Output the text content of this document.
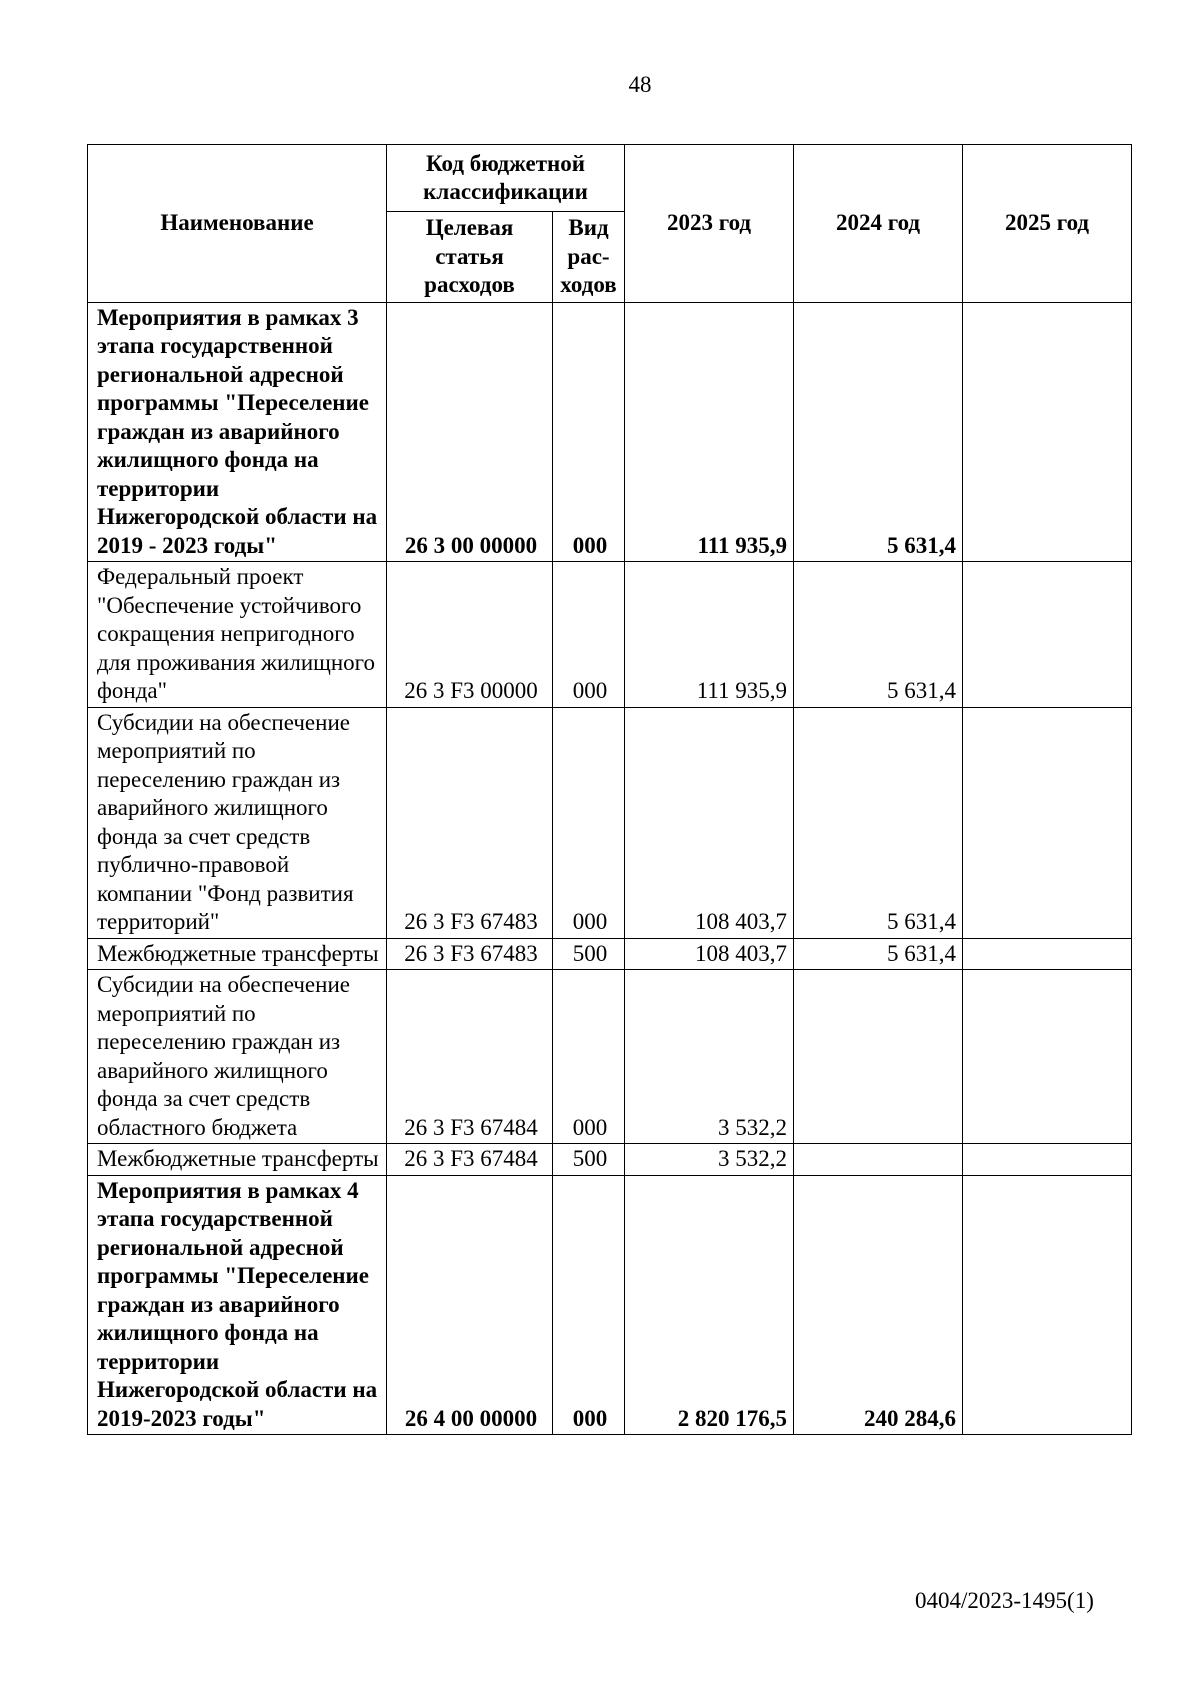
48
Наименование	Код бюджетной классификации		2023 год	2024 год	2025 год
	Целевая статья расходов	Вид рас-ходов			
Мероприятия в рамках 3 этапа государственной региональной адресной программы "Переселение граждан из аварийного жилищного фонда на территории Нижегородской области на 2019 - 2023 годы"	26 3 00 00000	000	111 935,9	5 631,4	
Федеральный проект "Обеспечение устойчивого сокращения непригодного для проживания жилищного фонда"	26 3 F3 00000	000	111 935,9	5 631,4	
Субсидии на обеспечение мероприятий по переселению граждан из аварийного жилищного фонда за счет средств публично-правовой компании "Фонд развития территорий"	26 3 F3 67483	000	108 403,7	5 631,4	
Межбюджетные трансферты	26 3 F3 67483	500	108 403,7	5 631,4	
Субсидии на обеспечение мероприятий по переселению граждан из аварийного жилищного фонда за счет средств областного бюджета	26 3 F3 67484	000	3 532,2		
Межбюджетные трансферты	26 3 F3 67484	500	3 532,2		
Мероприятия в рамках 4 этапа государственной региональной адресной программы "Переселение граждан из аварийного жилищного фонда на территории Нижегородской области на 2019-2023 годы"	26 4 00 00000	000	2 820 176,5	240 284,6	
0404/2023-1495(1)
